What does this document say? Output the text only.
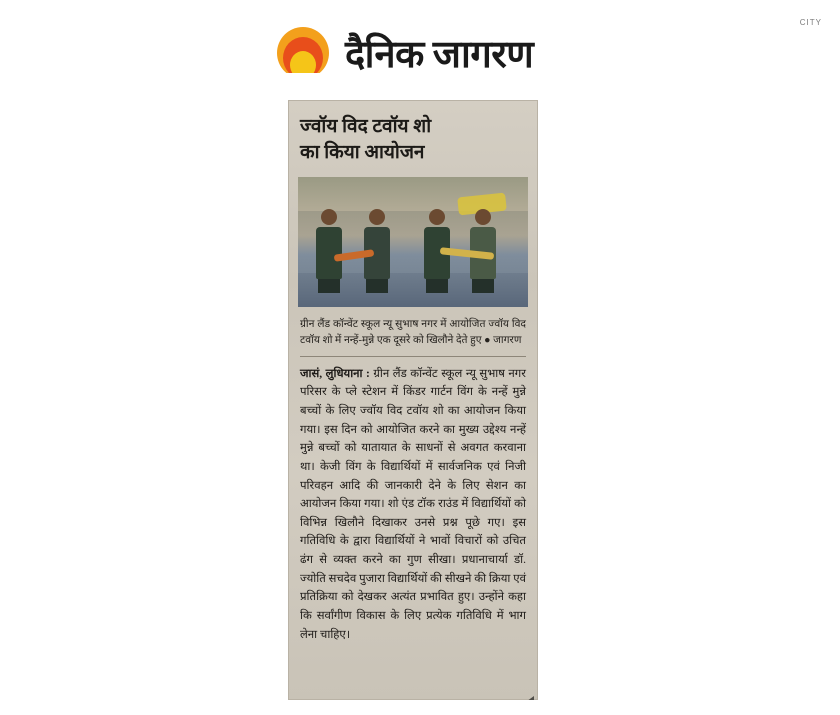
CITY
दैनिक जागरण
ज्वॉय विद टवॉय शो
का किया आयोजन
ग्रीन लैंड कॉन्वेंट स्कूल न्यू सुभाष नगर में आयोजित ज्वॉय विद टवॉय शो में नन्हें-मुन्ने एक दूसरे को खिलौने देते हुए ● जागरण
जासं, लुधियाना : ग्रीन लैंड कॉन्वेंट स्कूल न्यू सुभाष नगर परिसर के प्ले स्टेशन में किंडर गार्टन विंग के नन्हें मुन्ने बच्चों के लिए ज्वॉय विद टवॉय शो का आयोजन किया गया। इस दिन को आयोजित करने का मुख्य उद्देश्य नन्हें मुन्ने बच्चों को यातायात के साधनों से अवगत करवाना था। केजी विंग के विद्यार्थियों में सार्वजनिक एवं निजी परिवहन आदि की जानकारी देने के लिए सेशन का आयोजन किया गया। शो एंड टॉक राउंड में विद्यार्थियों को विभिन्न खिलौने दिखाकर उनसे प्रश्न पूछे गए। इस गतिविधि के द्वारा विद्यार्थियों ने भावों विचारों को उचित ढंग से व्यक्त करने का गुण सीखा। प्रधानाचार्या डॉ. ज्योति सचदेव पुजारा विद्यार्थियों की सीखने की क्रिया एवं प्रतिक्रिया को देखकर अत्यंत प्रभावित हुए। उन्होंने कहा कि सर्वांगीण विकास के लिए प्रत्येक गतिविधि में भाग लेना चाहिए।
